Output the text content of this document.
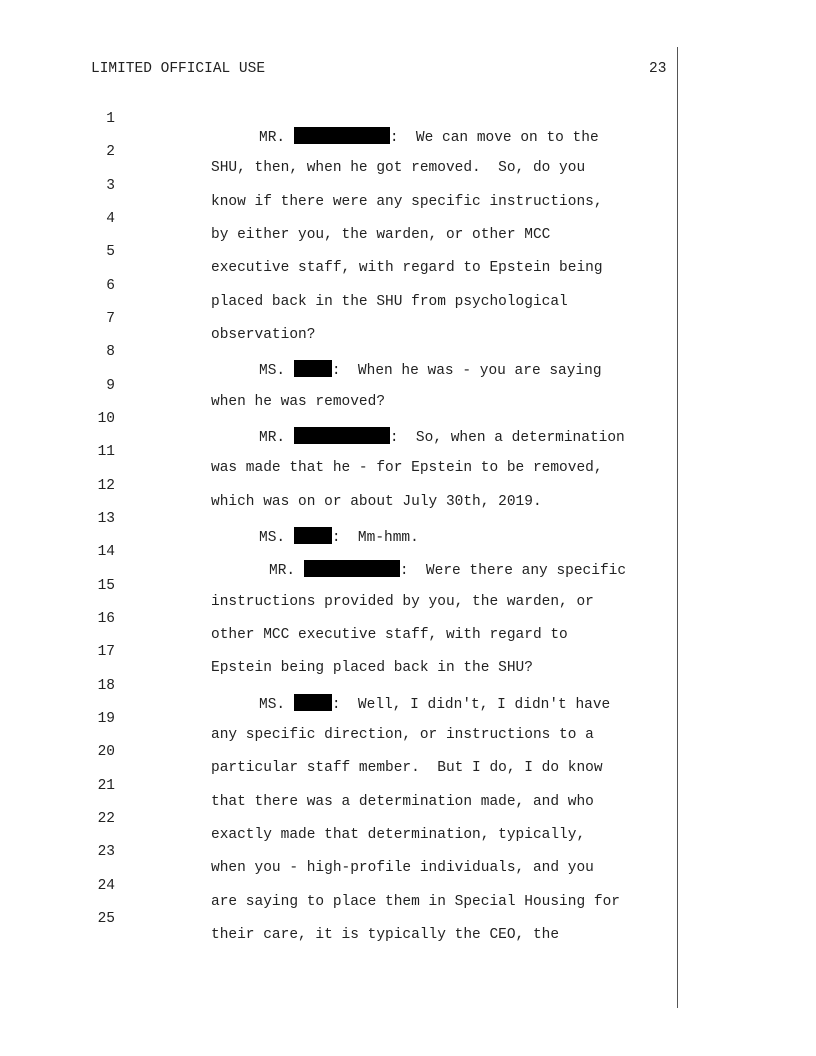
LIMITED OFFICIAL USE	23

1

MR.	:  We can move on to the

2

SHU, then, when he got removed.  So, do you

3

know if there were any specific instructions,

4

by either you, the warden, or other MCC

5

executive staff, with regard to Epstein being

6

placed back in the SHU from psychological

7

observation?

8

MS.	:  When he was - you are saying

9

when he was removed?

10

MR.	:  So, when a determination

11

was made that he - for Epstein to be removed,

12

which was on or about July 30th, 2019.

13

MS.	:  Mm-hmm.

14

MR.	:  Were there any specific

15

instructions provided by you, the warden, or

16

other MCC executive staff, with regard to

17

Epstein being placed back in the SHU?

18

MS.	:  Well, I didn't, I didn't have

19

any specific direction, or instructions to a

20

particular staff member.  But I do, I do know

21

that there was a determination made, and who

22

exactly made that determination, typically,

23

when you - high-profile individuals, and you

24

are saying to place them in Special Housing for

25

their care, it is typically the CEO, the
